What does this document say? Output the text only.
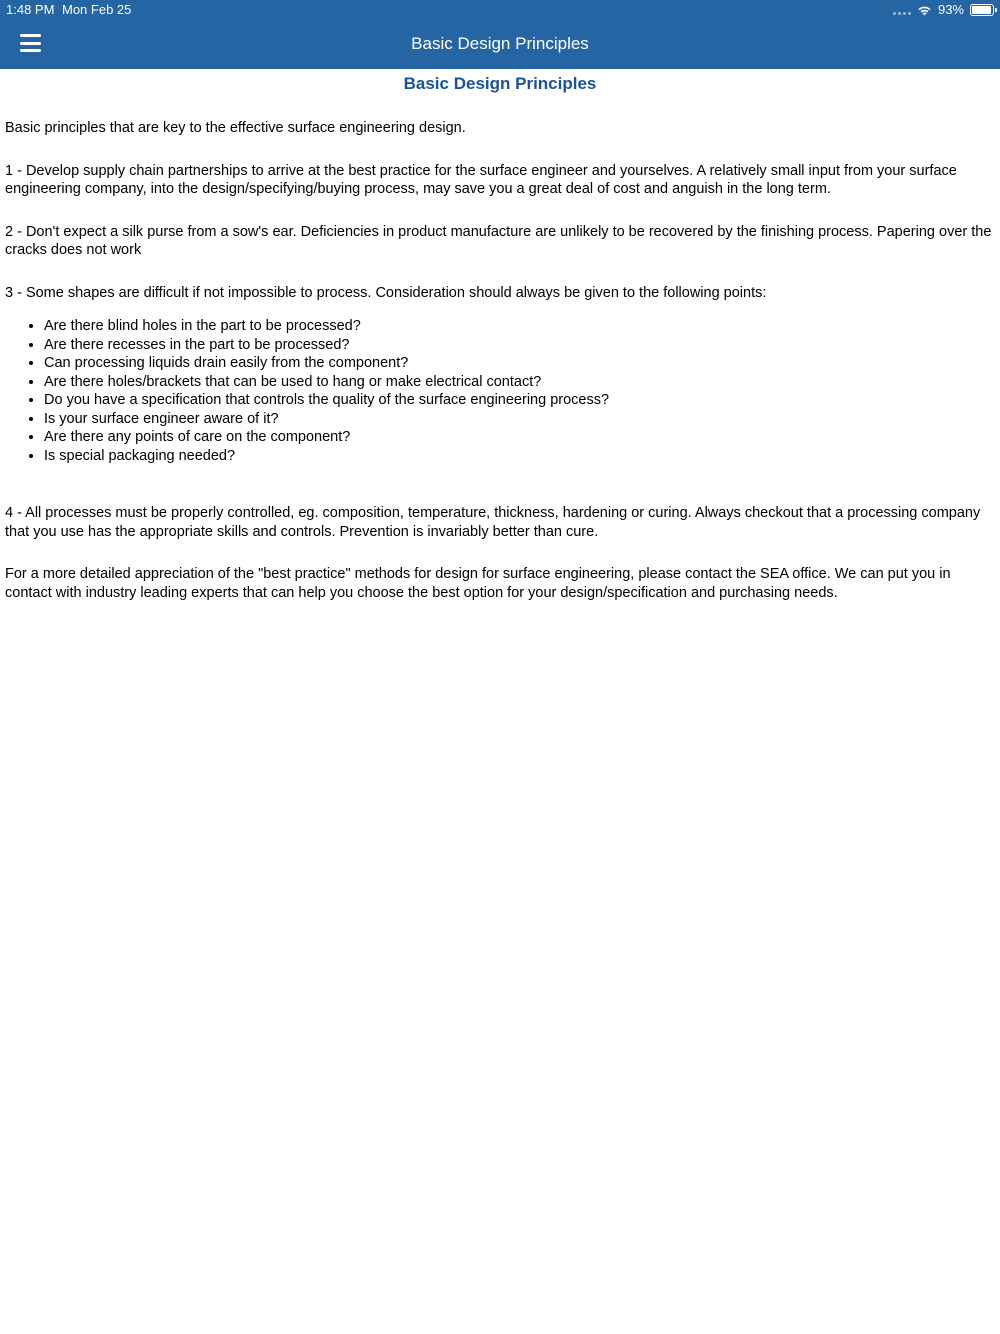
1:48 PM Mon Feb 25	93%
Basic Design Principles
Basic Design Principles

Basic principles that are key to the effective surface engineering design.

1 - Develop supply chain partnerships to arrive at the best practice for the surface engineer and yourselves. A relatively small input from your surface engineering company, into the design/specifying/buying process, may save you a great deal of cost and anguish in the long term.

2 - Don't expect a silk purse from a sow's ear. Deficiencies in product manufacture are unlikely to be recovered by the finishing process. Papering over the cracks does not work

3 - Some shapes are difficult if not impossible to process. Consideration should always be given to the following points:

• Are there blind holes in the part to be processed?
• Are there recesses in the part to be processed?
• Can processing liquids drain easily from the component?
• Are there holes/brackets that can be used to hang or make electrical contact?
• Do you have a specification that controls the quality of the surface engineering process?
• Is your surface engineer aware of it?
• Are there any points of care on the component?
• Is special packaging needed?

4 - All processes must be properly controlled, eg. composition, temperature, thickness, hardening or curing. Always checkout that a processing company that you use has the appropriate skills and controls. Prevention is invariably better than cure.

For a more detailed appreciation of the "best practice" methods for design for surface engineering, please contact the SEA office. We can put you in contact with industry leading experts that can help you choose the best option for your design/specification and purchasing needs.
